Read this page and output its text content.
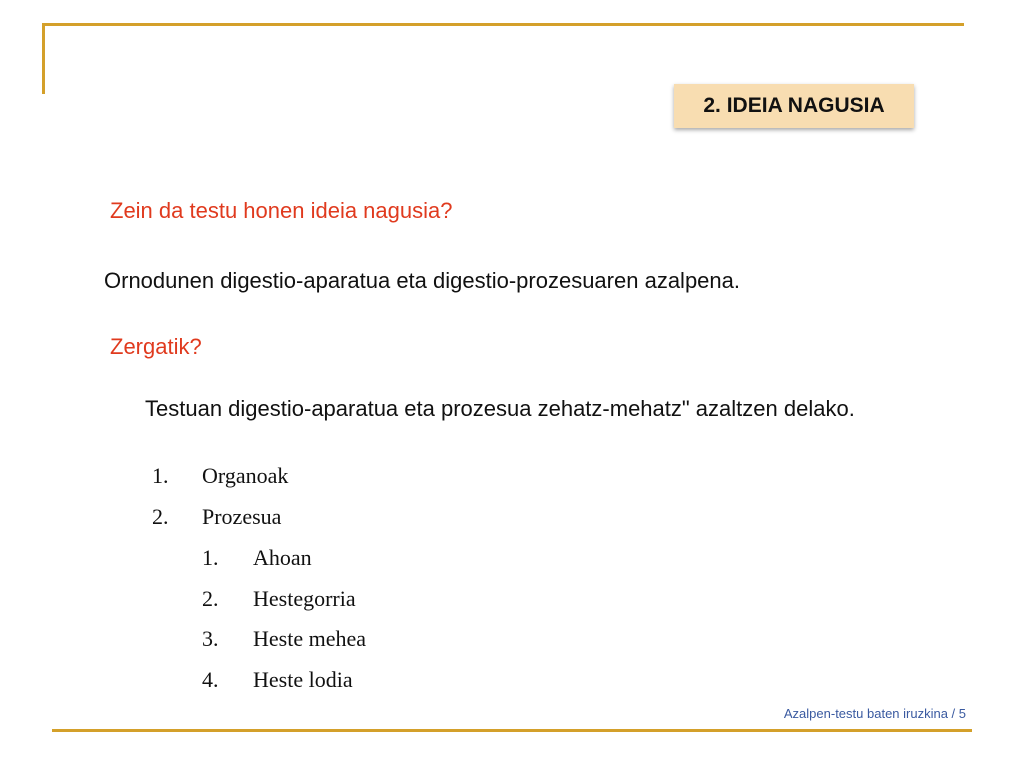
2. IDEIA NAGUSIA
Zein da testu honen ideia nagusia?
Ornodunen digestio-aparatua eta digestio-prozesuaren azalpena.
Zergatik?
Testuan digestio-aparatua eta prozesua zehatz-mehatz" azaltzen delako.
1. Organoak
2. Prozesua
1. Ahoan
2. Hestegorria
3. Heste mehea
4. Heste lodia
Azalpen-testu baten iruzkina / 5
